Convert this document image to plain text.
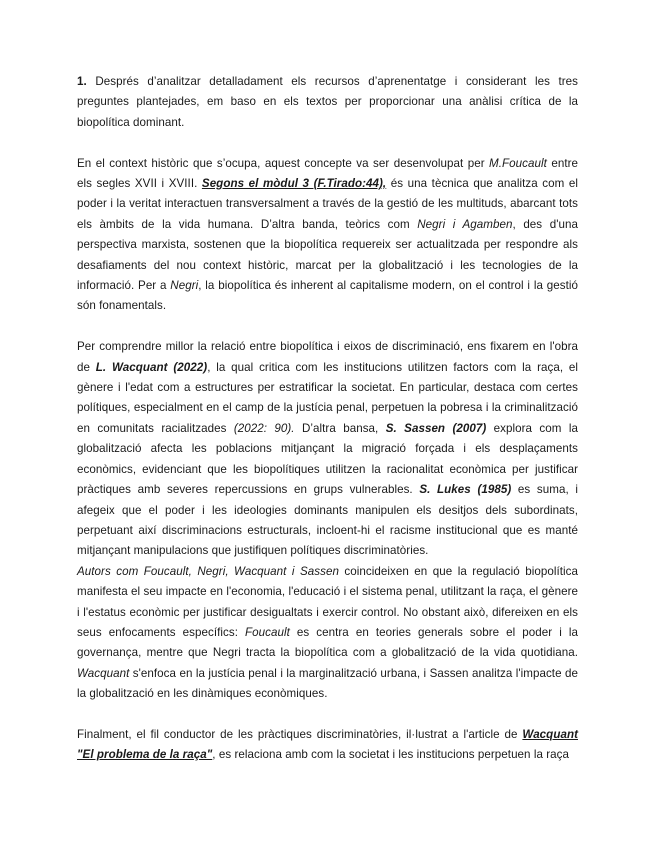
1. Després d’analitzar detalladament els recursos d’aprenentatge i considerant les tres preguntes plantejades, em baso en els textos per proporcionar una anàlisi crítica de la biopolítica dominant.

En el context històric que s’ocupa, aquest concepte va ser desenvolupat per M.Foucault entre els segles XVII i XVIII. Segons el mòdul 3 (F.Tirado:44), és una tècnica que analitza com el poder i la veritat interactuen transversalment a través de la gestió de les multituds, abarcant tots els àmbits de la vida humana. D’altra banda, teòrics com Negri i Agamben, des d'una perspectiva marxista, sostenen que la biopolítica requereix ser actualitzada per respondre als desafiaments del nou context històric, marcat per la globalització i les tecnologies de la informació. Per a Negri, la biopolítica és inherent al capitalisme modern, on el control i la gestió són fonamentals.

Per comprendre millor la relació entre biopolítica i eixos de discriminació, ens fixarem en l'obra de L. Wacquant (2022), la qual critica com les institucions utilitzen factors com la raça, el gènere i l'edat com a estructures per estratificar la societat. En particular, destaca com certes polítiques, especialment en el camp de la justícia penal, perpetuen la pobresa i la criminalització en comunitats racialitzades (2022: 90). D’altra bansa, S. Sassen (2007) explora com la globalització afecta les poblacions mitjançant la migració forçada i els desplaçaments econòmics, evidenciant que les biopolítiques utilitzen la racionalitat econòmica per justificar pràctiques amb severes repercussions en grups vulnerables. S. Lukes (1985) es suma, i afegeix que el poder i les ideologies dominants manipulen els desitjos dels subordinats, perpetuant així discriminacions estructurals, incloent-hi el racisme institucional que es manté mitjançant manipulacions que justifiquen polítiques discriminatòries.

Autors com Foucault, Negri, Wacquant i Sassen coincideixen en que la regulació biopolítica manifesta el seu impacte en l'economia, l'educació i el sistema penal, utilitzant la raça, el gènere i l'estatus econòmic per justificar desigualtats i exercir control. No obstant això, difereixen en els seus enfocaments específics: Foucault es centra en teories generals sobre el poder i la governança, mentre que Negri tracta la biopolítica com a globalització de la vida quotidiana. Wacquant s'enfoca en la justícia penal i la marginalització urbana, i Sassen analitza l'impacte de la globalització en les dinàmiques econòmiques.

Finalment, el fil conductor de les pràctiques discriminatòries, il·lustrat a l'article de Wacquant "El problema de la raça", es relaciona amb com la societat i les institucions perpetuen la raça
